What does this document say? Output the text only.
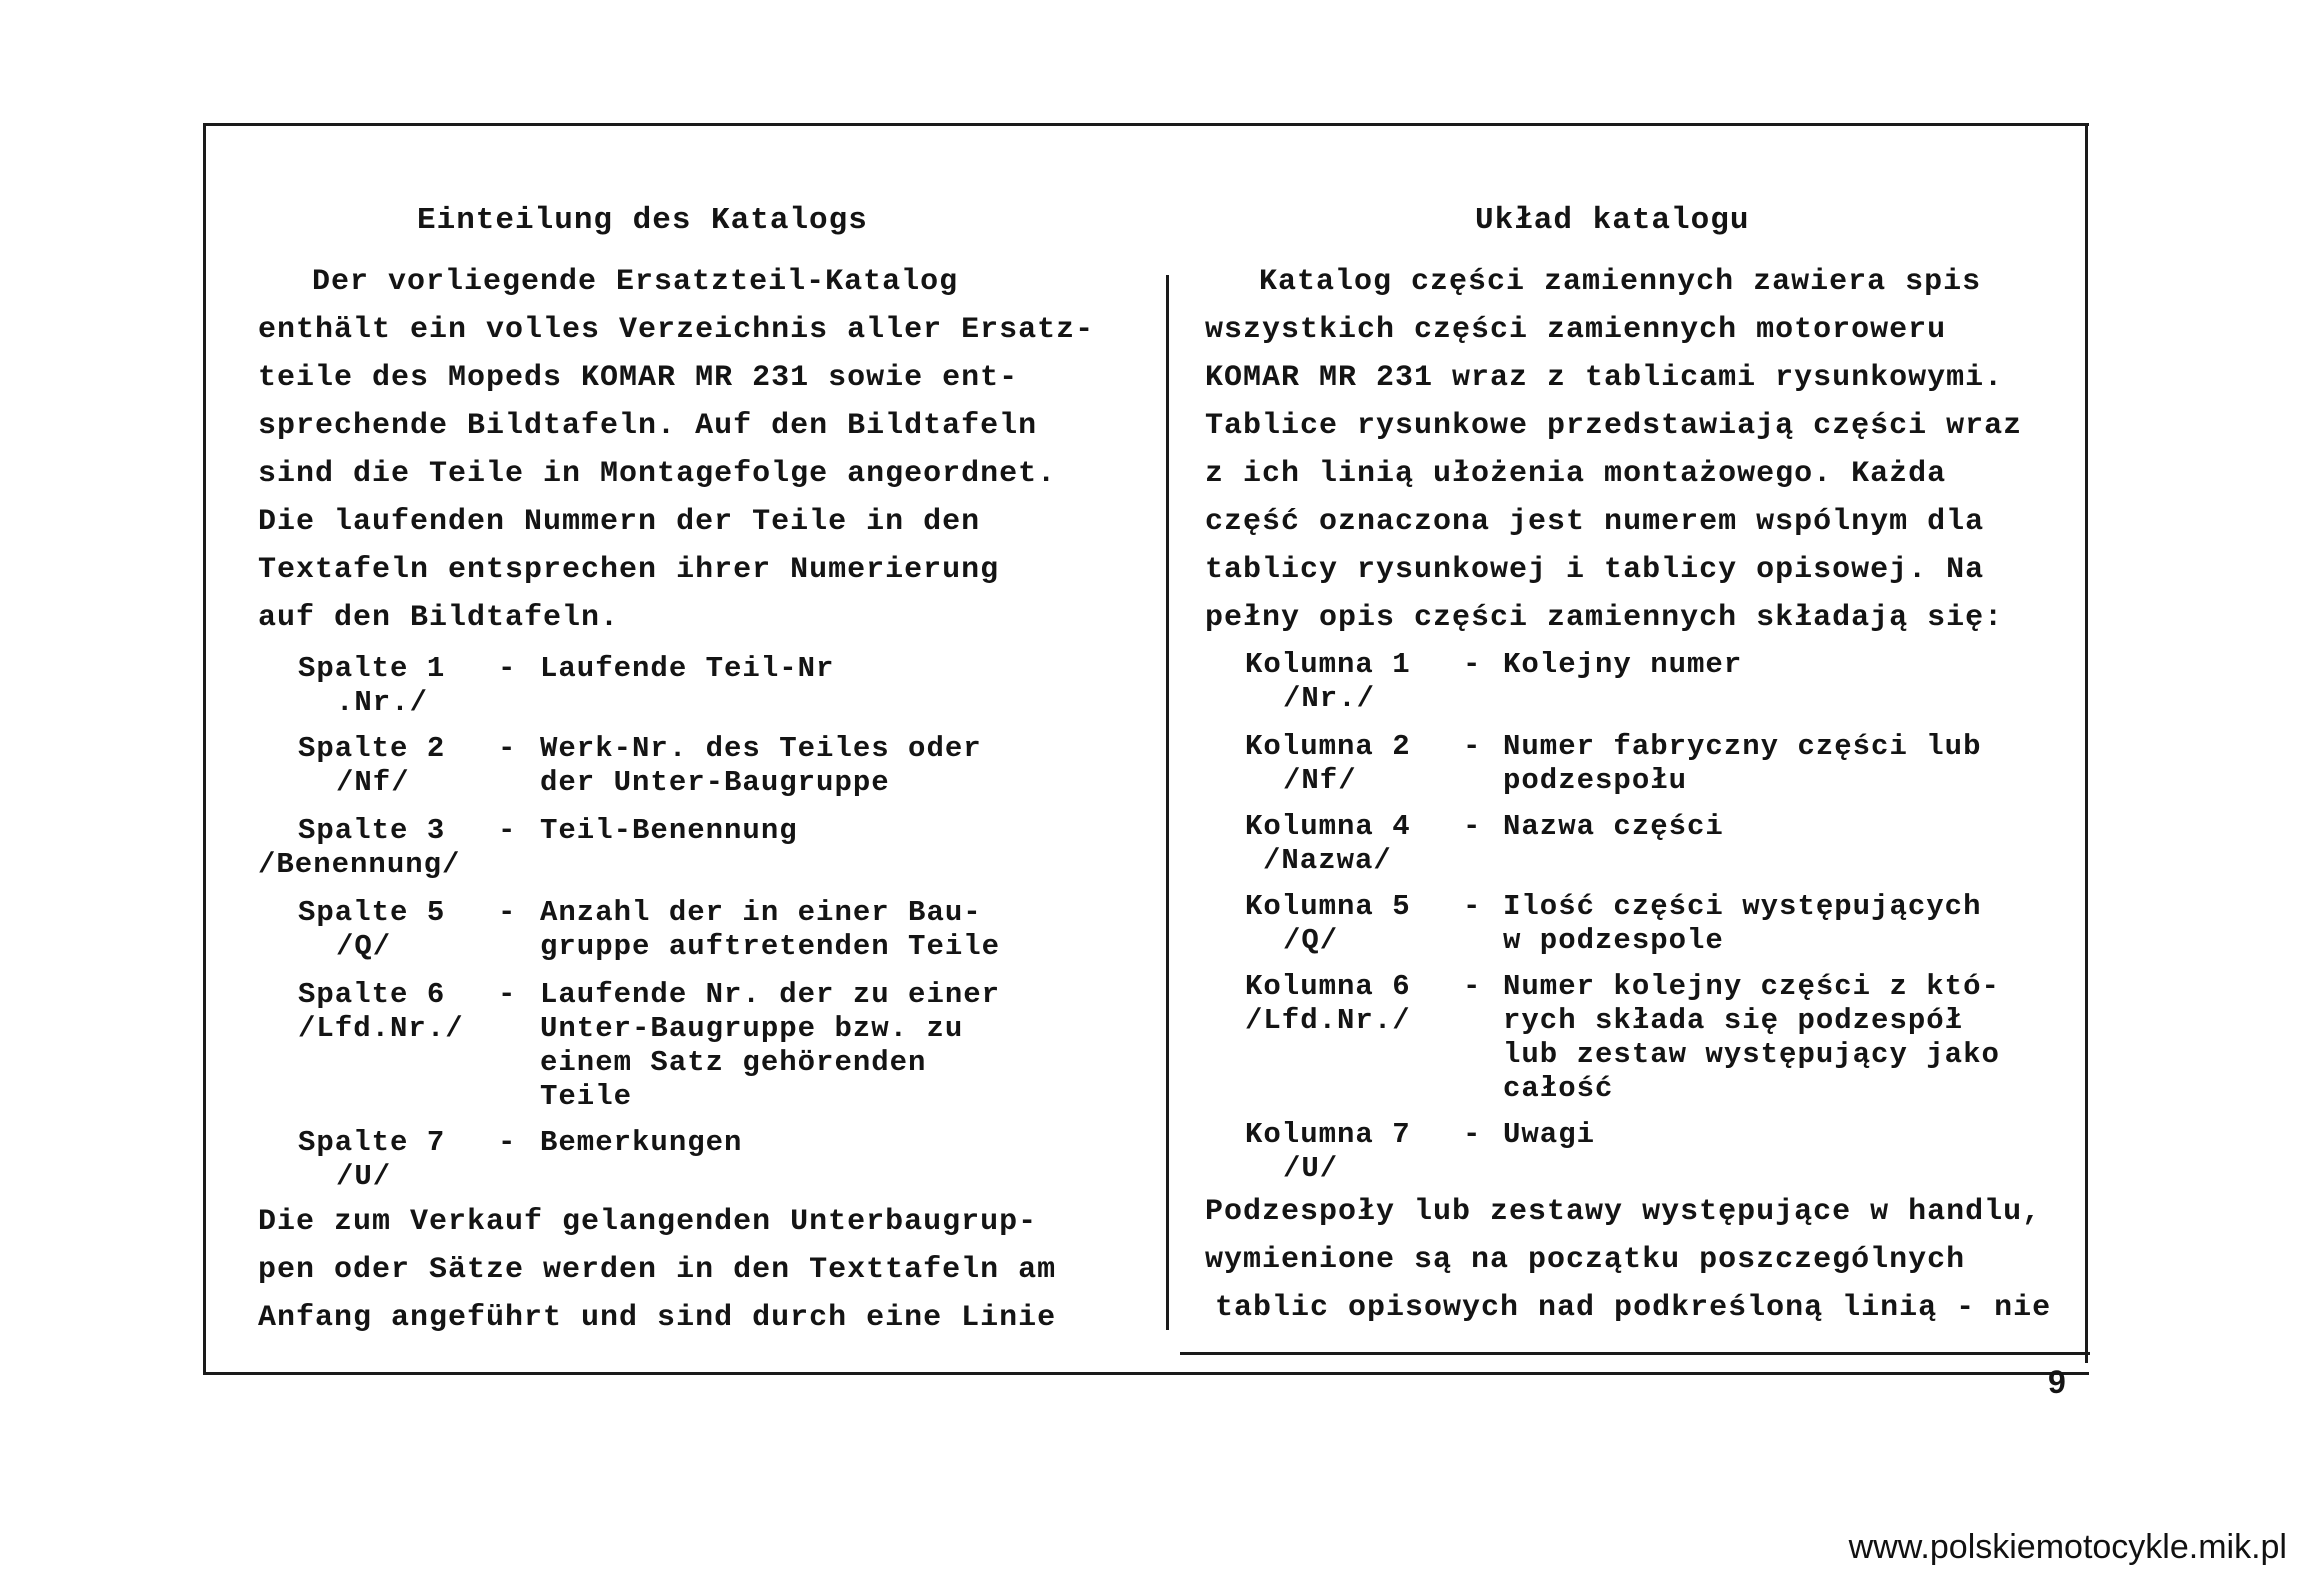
Einteilung des Katalogs
Der vorliegende Ersatzteil-Katalog
enthält ein volles Verzeichnis aller Ersatz-
teile des Mopeds KOMAR MR 231 sowie ent-
sprechende Bildtafeln. Auf den Bildtafeln
sind die Teile in Montagefolge angeordnet.
Die laufenden Nummern der Teile in den
Textafeln entsprechen ihrer Numerierung
auf den Bildtafeln.
Spalte 1
.Nr./
- Laufende Teil-Nr
Spalte 2
/Nf/
- Werk-Nr. des Teiles oder
der Unter-Baugruppe
Spalte 3
/Benennung/
- Teil-Benennung
Spalte 5
/Q/
- Anzahl der in einer Bau-
gruppe auftretenden Teile
Spalte 6
/Lfd.Nr./
- Laufende Nr. der zu einer
Unter-Baugruppe bzw. zu
einem Satz gehörenden
Teile
Spalte 7
/U/
- Bemerkungen
Die zum Verkauf gelangenden Unterbaugrup-
pen oder Sätze werden in den Texttafeln am
Anfang angeführt und sind durch eine Linie
Układ katalogu
Katalog części zamiennych zawiera spis
wszystkich części zamiennych motoroweru
KOMAR MR 231 wraz z tablicami rysunkowymi.
Tablice rysunkowe przedstawiają części wraz
z ich linią ułożenia montażowego. Każda
część oznaczona jest numerem wspólnym dla
tablicy rysunkowej i tablicy opisowej. Na
pełny opis części zamiennych składają się:
Kolumna 1
/Nr./
- Kolejny numer
Kolumna 2
/Nf/
- Numer fabryczny części lub
podzespołu
Kolumna 4
/Nazwa/
- Nazwa części
Kolumna 5
/Q/
- Ilość części występujących
w podzespole
Kolumna 6
/Lfd.Nr./
- Numer kolejny części z któ-
rych składa się podzespół
lub zestaw występujący jako
całość
Kolumna 7
/U/
- Uwagi
Podzespoły lub zestawy występujące w handlu,
wymienione są na początku poszczególnych
tablic opisowych nad podkreśloną linią - nie
9
www.polskiemotocykle.mik.pl
